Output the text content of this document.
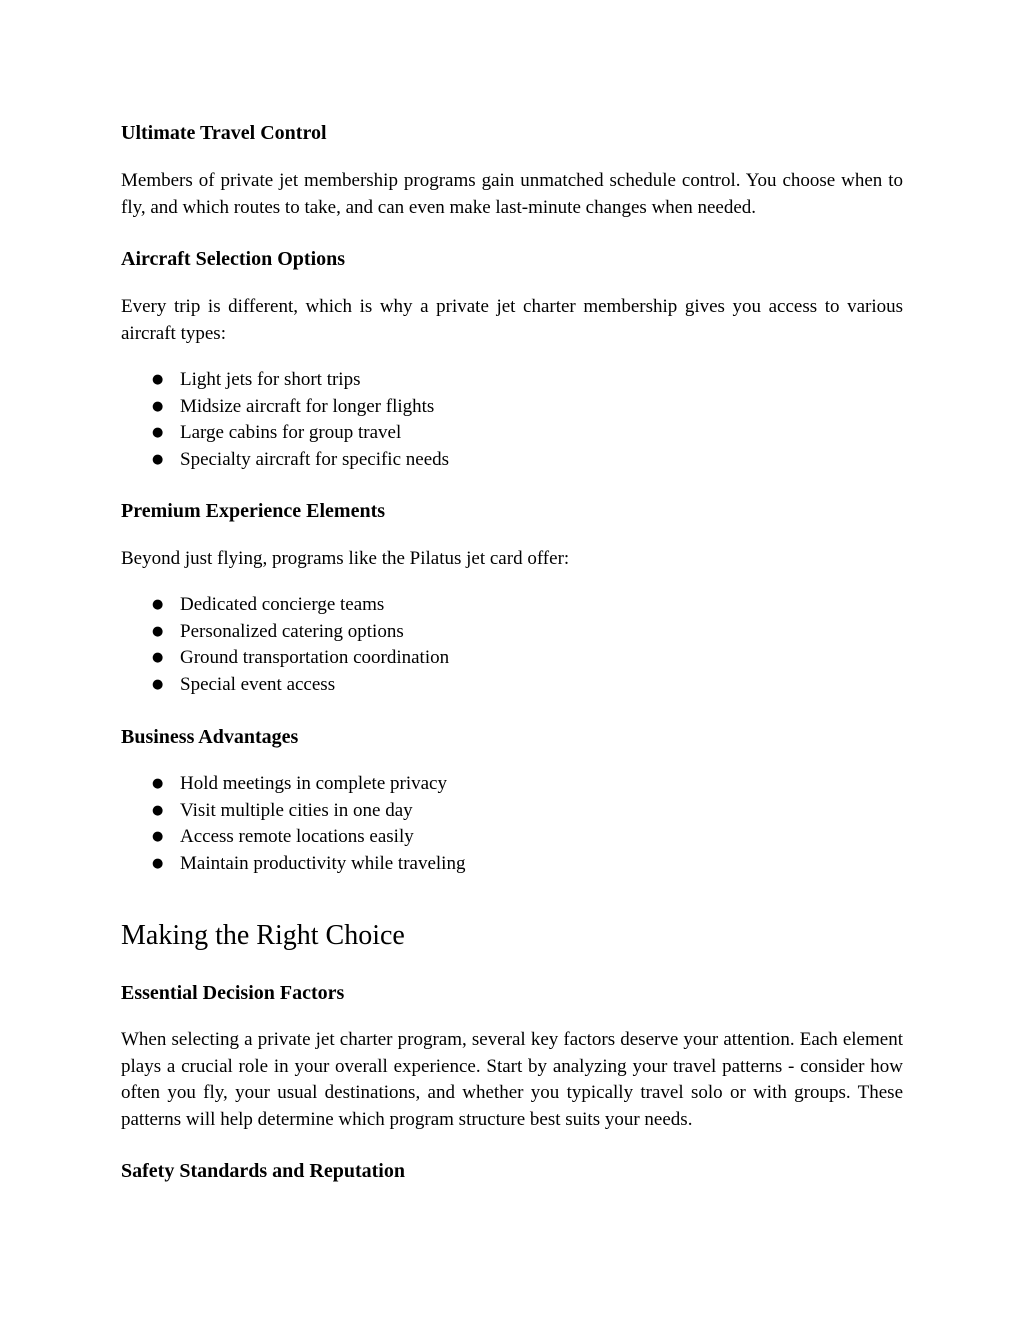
Ultimate Travel Control

Members of private jet membership programs gain unmatched schedule control. You choose when to fly, and which routes to take, and can even make last-minute changes when needed.

Aircraft Selection Options

Every trip is different, which is why a private jet charter membership gives you access to various aircraft types:

● Light jets for short trips
● Midsize aircraft for longer flights
● Large cabins for group travel
● Specialty aircraft for specific needs
Premium Experience Elements

Beyond just flying, programs like the Pilatus jet card offer:

● Dedicated concierge teams
● Personalized catering options
● Ground transportation coordination
● Special event access
Business Advantages
● Hold meetings in complete privacy
● Visit multiple cities in one day
● Access remote locations easily
● Maintain productivity while traveling
Making the Right Choice
Essential Decision Factors

When selecting a private jet charter program, several key factors deserve your attention. Each element plays a crucial role in your overall experience. Start by analyzing your travel patterns - consider how often you fly, your usual destinations, and whether you typically travel solo or with groups. These patterns will help determine which program structure best suits your needs.

Safety Standards and Reputation
